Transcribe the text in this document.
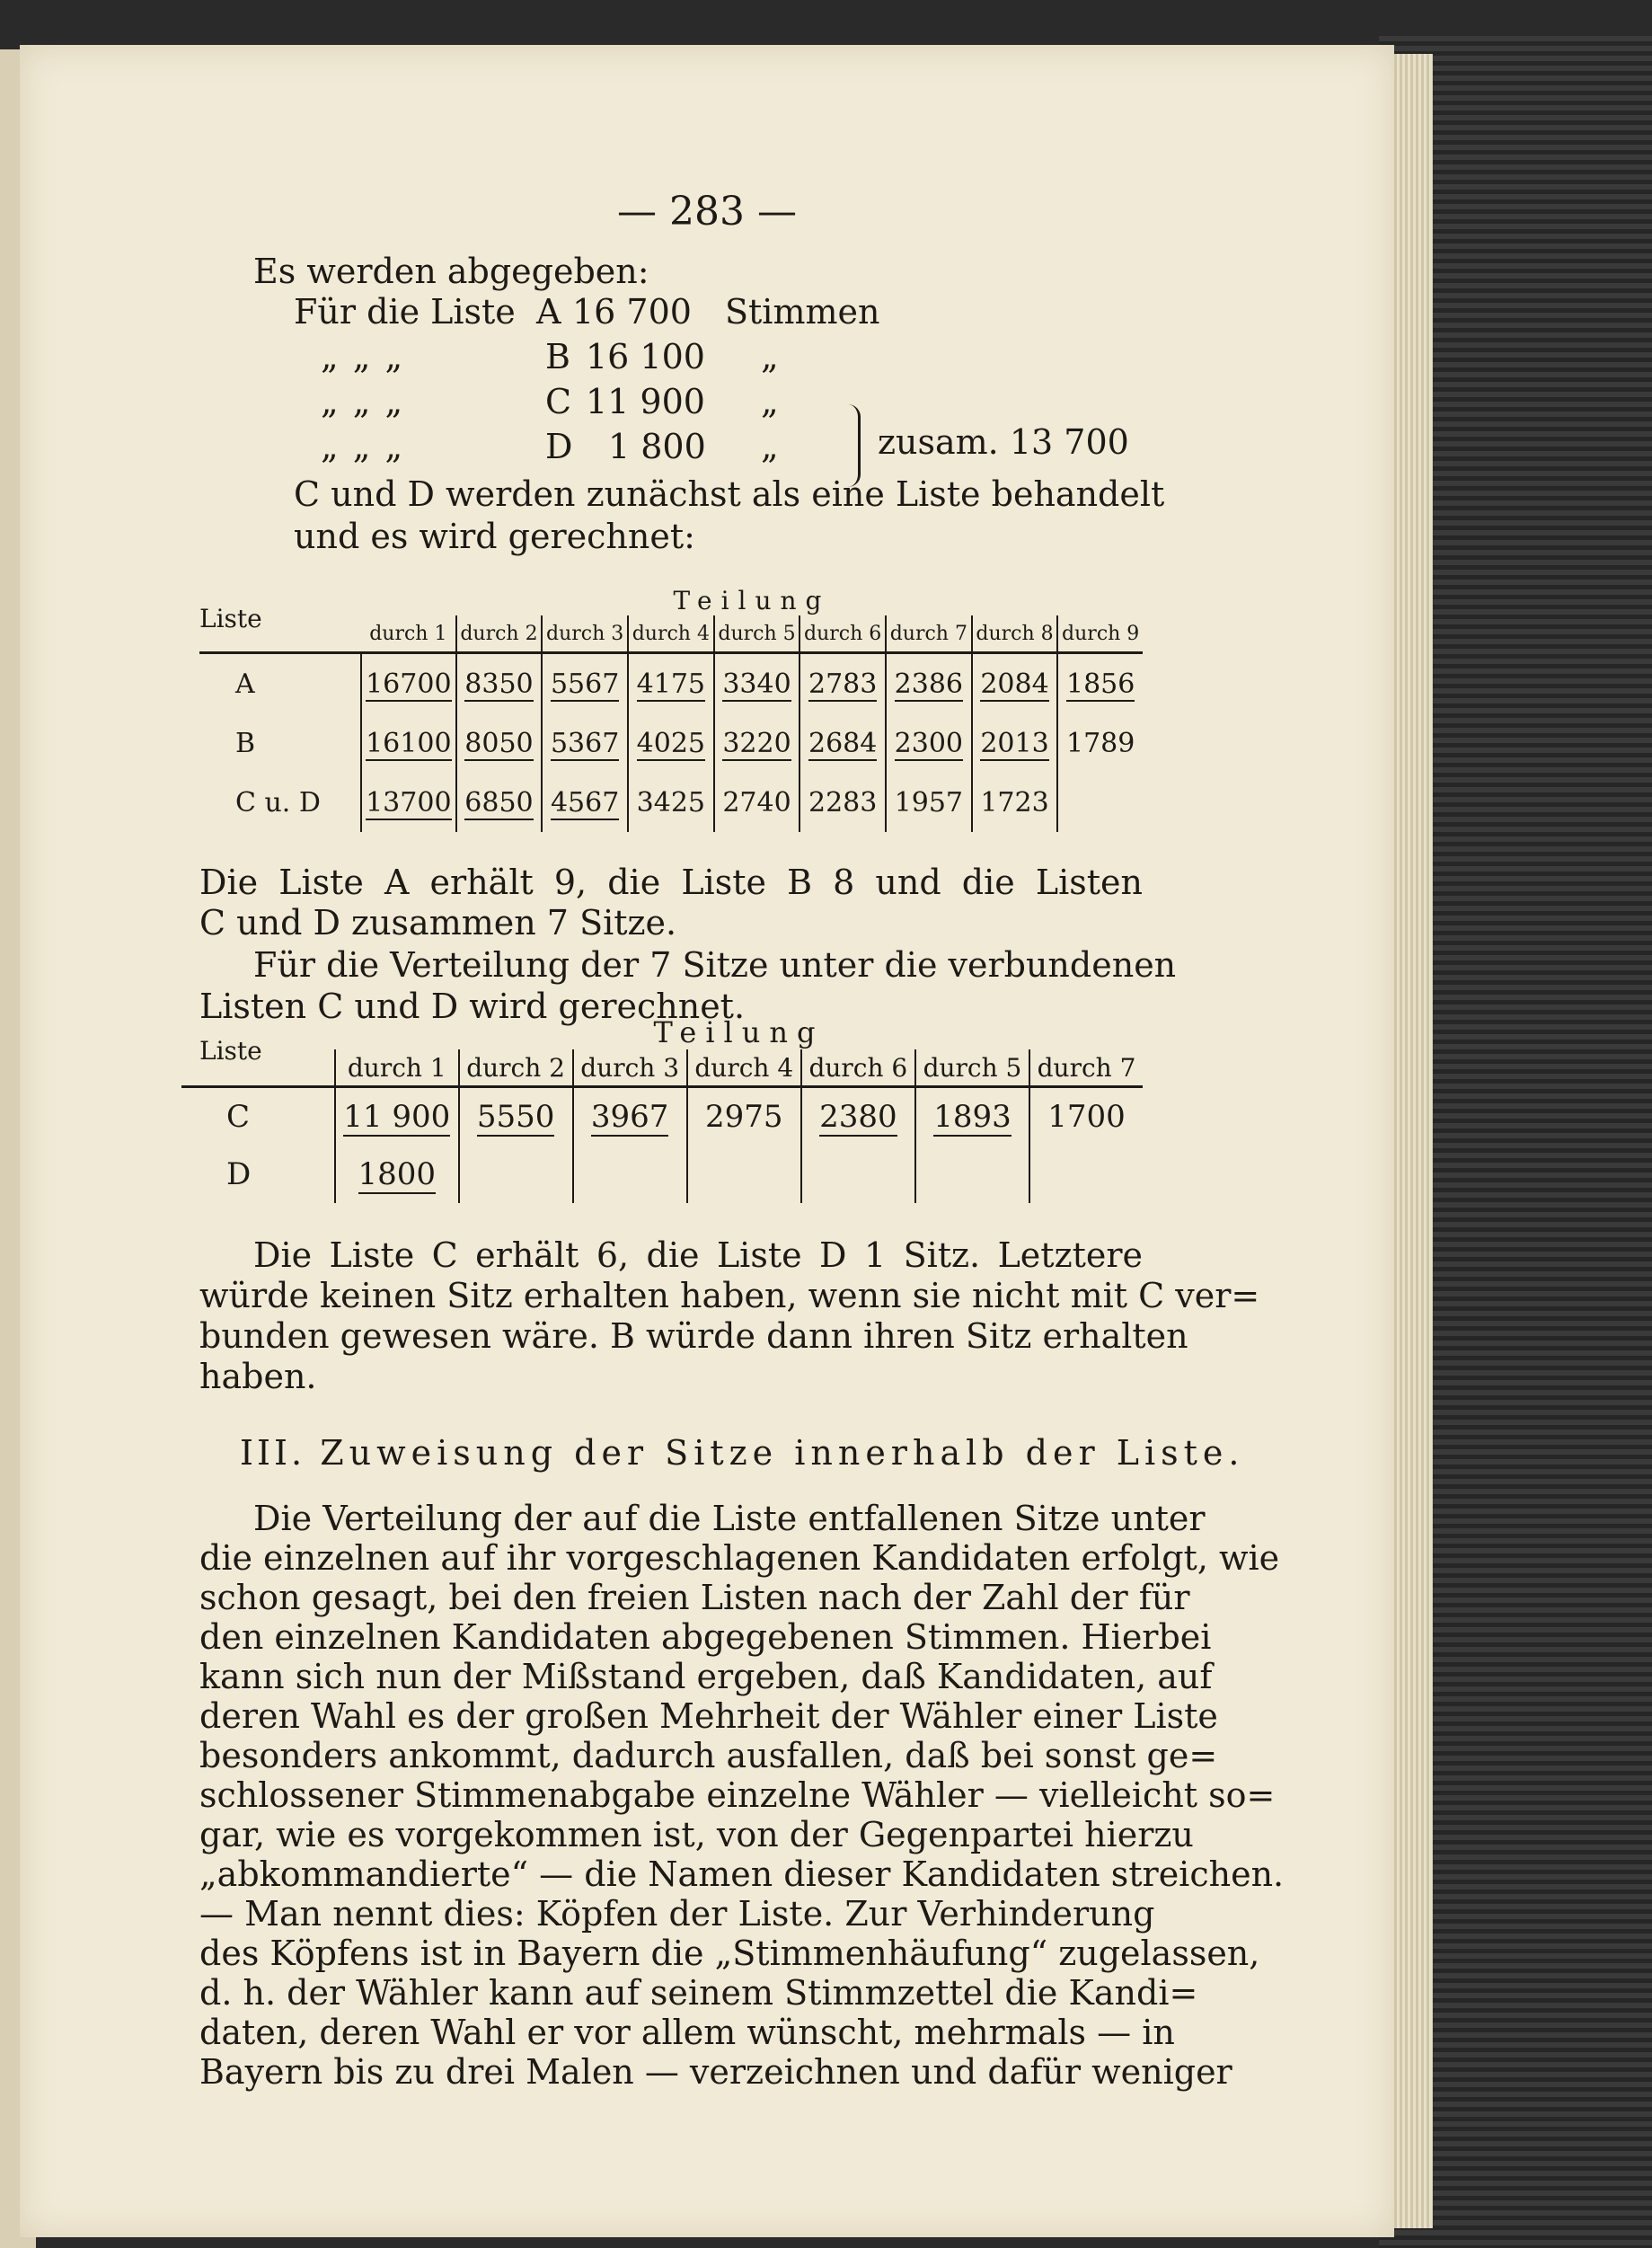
— 283 —
Es werden abgegeben:
Für die Liste A 16 700 Stimmen
„ „ „	B 16 100 „
„ „ „	C 11 900 „
„ „ „	D 1 800 „	zusam. 13 700
C und D werden zunächst als eine Liste behandelt
und es wird gerechnet:
Liste	Teilung								
	durch 1	durch 2	durch 3	durch 4	durch 5	durch 6	durch 7	durch 8	durch 9
A	16700	8350	5567	4175	3340	2783	2386	2084	1856
B	16100	8050	5367	4025	3220	2684	2300	2013	1789
C u. D	13700	6850	4567	3425	2740	2283	1957	1723	
Die Liste A erhält 9, die Liste B 8 und die Listen
C und D zusammen 7 Sitze.
Für die Verteilung der 7 Sitze unter die verbundenen
Listen C und D wird gerechnet.
Liste	Teilung						
	durch 1	durch 2	durch 3	durch 4	durch 6	durch 5	durch 7
C	11 900	5550	3967	2975	2380	1893	1700
D	1800						
Die Liste C erhält 6, die Liste D 1 Sitz. Letztere
würde keinen Sitz erhalten haben, wenn sie nicht mit C ver=
bunden gewesen wäre. B würde dann ihren Sitz erhalten
haben.
III. Zuweisung der Sitze innerhalb der Liste.
Die Verteilung der auf die Liste entfallenen Sitze unter
die einzelnen auf ihr vorgeschlagenen Kandidaten erfolgt, wie
schon gesagt, bei den freien Listen nach der Zahl der für
den einzelnen Kandidaten abgegebenen Stimmen. Hierbei
kann sich nun der Mißstand ergeben, daß Kandidaten, auf
deren Wahl es der großen Mehrheit der Wähler einer Liste
besonders ankommt, dadurch ausfallen, daß bei sonst ge=
schlossener Stimmenabgabe einzelne Wähler — vielleicht so=
gar, wie es vorgekommen ist, von der Gegenpartei hierzu
„abkommandierte“ — die Namen dieser Kandidaten streichen.
— Man nennt dies: Köpfen der Liste. Zur Verhinderung
des Köpfens ist in Bayern die „Stimmenhäufung“ zugelassen,
d. h. der Wähler kann auf seinem Stimmzettel die Kandi=
daten, deren Wahl er vor allem wünscht, mehrmals — in
Bayern bis zu drei Malen — verzeichnen und dafür weniger
